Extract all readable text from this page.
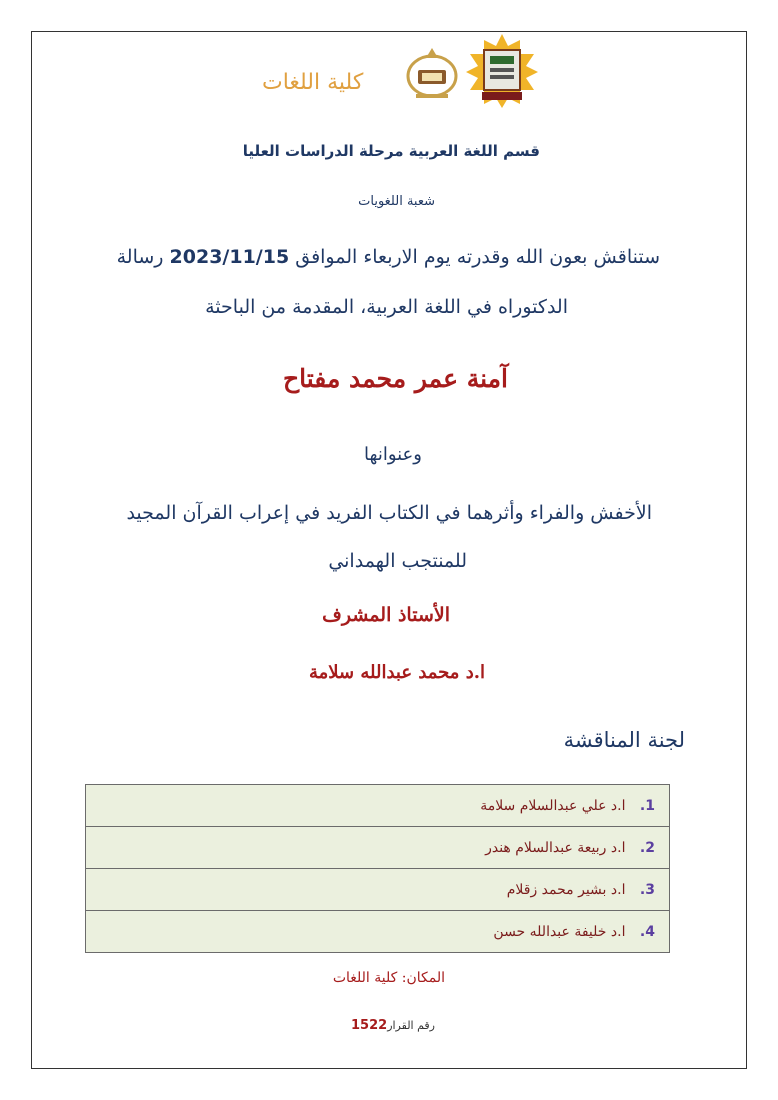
كلية اللغات
قسم اللغة العربية مرحلة الدراسات العليا
شعبة اللغويات
ستناقش بعون الله وقدرته يوم الاربعاء الموافق 2023/11/15 رسالة
الدكتوراه في اللغة العربية، المقدمة من الباحثة
آمنة عمر محمد مفتاح
وعنوانها
الأخفش والفراء وأثرهما في الكتاب الفريد في إعراب القرآن المجيد
للمنتجب الهمداني
الأستاذ المشرف
ا.د محمد عبدالله سلامة
لجنة المناقشة
1. ا.د علي عبدالسلام سلامة
2. ا.د ربيعة عبدالسلام هندر
3. ا.د بشير محمد زقلام
4. ا.د خليفة عبدالله حسن
المكان: كلية اللغات
رقم القرار1522
